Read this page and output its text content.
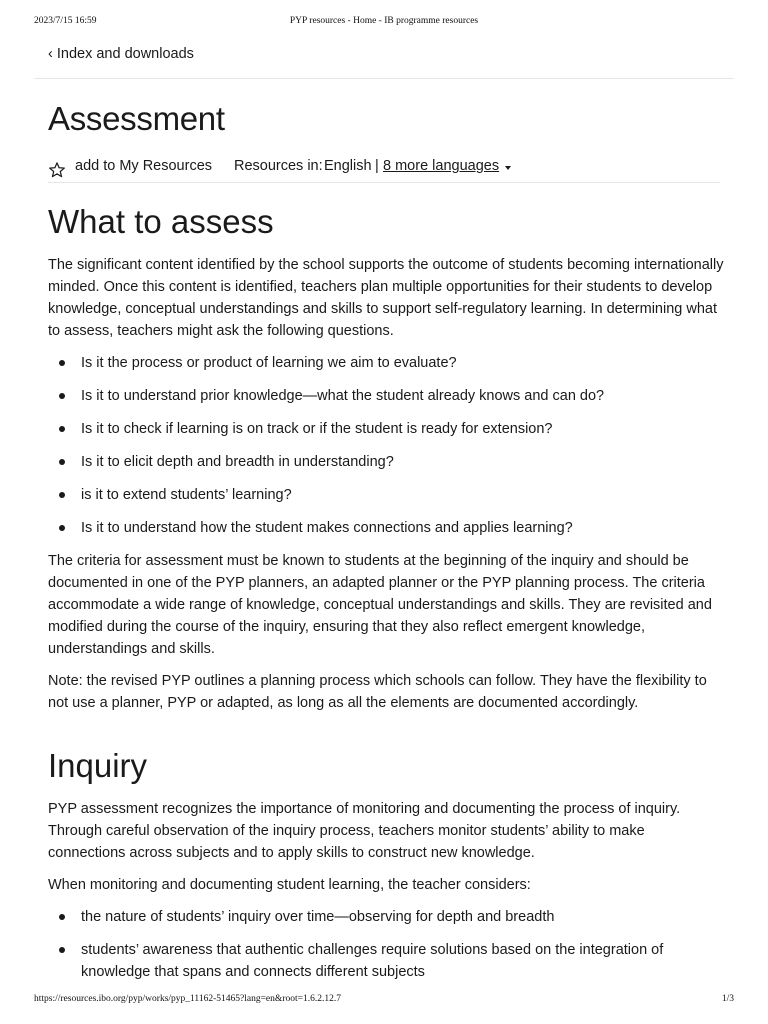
2023/7/15 16:59	PYP resources - Home - IB programme resources
‹ Index and downloads
Assessment
add to My Resources Resources in: English | 8 more languages
What to assess

The significant content identified by the school supports the outcome of students becoming internationally minded. Once this content is identified, teachers plan multiple opportunities for their students to develop knowledge, conceptual understandings and skills to support self-regulatory learning. In determining what to assess, teachers might ask the following questions.

Is it the process or product of learning we aim to evaluate?
Is it to understand prior knowledge—what the student already knows and can do?
Is it to check if learning is on track or if the student is ready for extension?
Is it to elicit depth and breadth in understanding?
is it to extend students’ learning?
Is it to understand how the student makes connections and applies learning?

The criteria for assessment must be known to students at the beginning of the inquiry and should be documented in one of the PYP planners, an adapted planner or the PYP planning process. The criteria accommodate a wide range of knowledge, conceptual understandings and skills. They are revisited and modified during the course of the inquiry, ensuring that they also reflect emergent knowledge, understandings and skills.

Note: the revised PYP outlines a planning process which schools can follow. They have the flexibility to not use a planner, PYP or adapted, as long as all the elements are documented accordingly.

Inquiry

PYP assessment recognizes the importance of monitoring and documenting the process of inquiry. Through careful observation of the inquiry process, teachers monitor students’ ability to make connections across subjects and to apply skills to construct new knowledge.

When monitoring and documenting student learning, the teacher considers:

the nature of students’ inquiry over time—observing for depth and breadth
students’ awareness that authentic challenges require solutions based on the integration of knowledge that spans and connects different subjects
https://resources.ibo.org/pyp/works/pyp_11162-51465?lang=en&root=1.6.2.12.7	1/3
